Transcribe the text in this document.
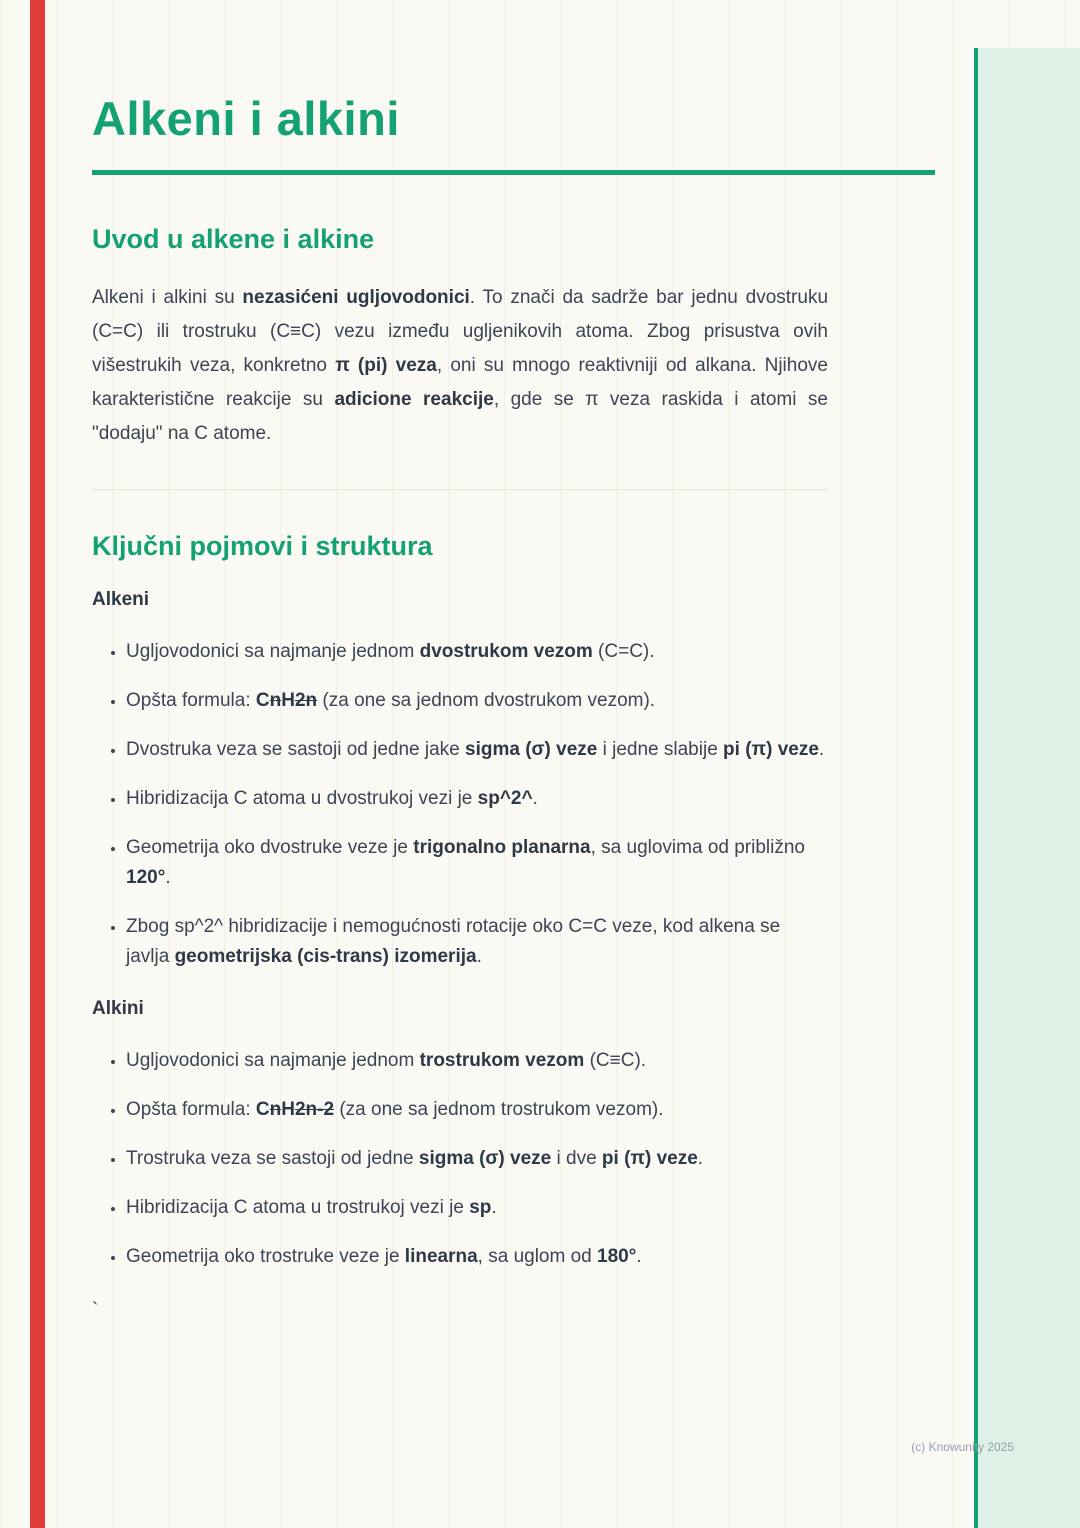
Alkeni i alkini
Uvod u alkene i alkine

Alkeni i alkini su nezasićeni ugljovodonici. To znači da sadrže bar jednu dvostruku (C=C) ili trostruku (C≡C) vezu između ugljenikovih atoma. Zbog prisustva ovih višestrukih veza, konkretno π (pi) veza, oni su mnogo reaktivniji od alkana. Njihove karakteristične reakcije su adicione reakcije, gde se π veza raskida i atomi se "dodaju" na C atome.

Ključni pojmovi i struktura
Alkeni
• Ugljovodonici sa najmanje jednom dvostrukom vezom (C=C).
• Opšta formula: CnH2n (za one sa jednom dvostrukom vezom).
• Dvostruka veza se sastoji od jedne jake sigma (σ) veze i jedne slabije pi (π) veze.
• Hibridizacija C atoma u dvostrukoj vezi je sp^2^.
• Geometrija oko dvostruke veze je trigonalno planarna, sa uglovima od približno 120°.
• Zbog sp^2^ hibridizacije i nemogućnosti rotacije oko C=C veze, kod alkena se javlja geometrijska (cis-trans) izomerija.
Alkini
• Ugljovodonici sa najmanje jednom trostrukom vezom (C≡C).
• Opšta formula: CnH2n-2 (za one sa jednom trostrukom vezom).
• Trostruka veza se sastoji od jedne sigma (σ) veze i dve pi (π) veze.
• Hibridizacija C atoma u trostrukoj vezi je sp.
• Geometrija oko trostruke veze je linearna, sa uglom od 180°.

`

(c) Knowunity 2025
